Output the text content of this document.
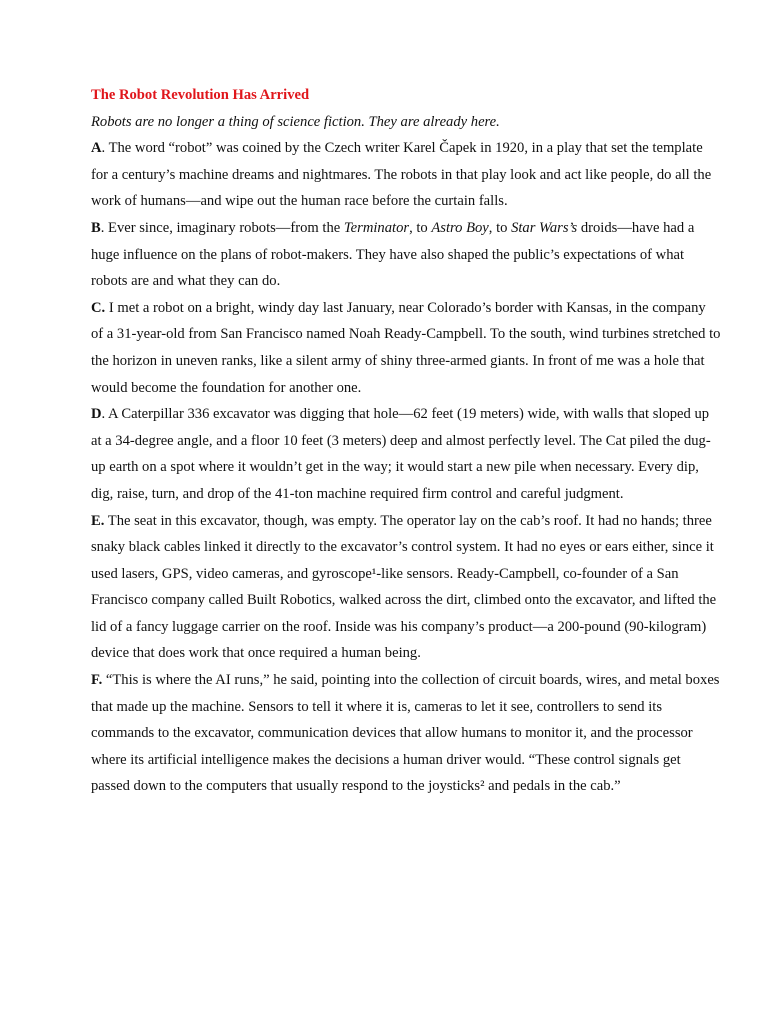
The Robot Revolution Has Arrived

Robots are no longer a thing of science fiction. They are already here.

A. The word “robot” was coined by the Czech writer Karel Čapek in 1920, in a play that set the template for a century’s machine dreams and nightmares. The robots in that play look and act like people, do all the work of humans—and wipe out the human race before the curtain falls.

B. Ever since, imaginary robots—from the Terminator, to Astro Boy, to Star Wars’s droids—have had a huge influence on the plans of robot-makers. They have also shaped the public’s expectations of what robots are and what they can do.

C. I met a robot on a bright, windy day last January, near Colorado’s border with Kansas, in the company of a 31-year-old from San Francisco named Noah Ready-Campbell. To the south, wind turbines stretched to the horizon in uneven ranks, like a silent army of shiny three-armed giants. In front of me was a hole that would become the foundation for another one.

D. A Caterpillar 336 excavator was digging that hole—62 feet (19 meters) wide, with walls that sloped up at a 34-degree angle, and a floor 10 feet (3 meters) deep and almost perfectly level. The Cat piled the dug-up earth on a spot where it wouldn’t get in the way; it would start a new pile when necessary. Every dip, dig, raise, turn, and drop of the 41-ton machine required firm control and careful judgment.

E. The seat in this excavator, though, was empty. The operator lay on the cab’s roof. It had no hands; three snaky black cables linked it directly to the excavator’s control system. It had no eyes or ears either, since it used lasers, GPS, video cameras, and gyroscope¹-like sensors. Ready-Campbell, co-founder of a San Francisco company called Built Robotics, walked across the dirt, climbed onto the excavator, and lifted the lid of a fancy luggage carrier on the roof. Inside was his company’s product—a 200-pound (90-kilogram) device that does work that once required a human being.

F. “This is where the AI runs,” he said, pointing into the collection of circuit boards, wires, and metal boxes that made up the machine. Sensors to tell it where it is, cameras to let it see, controllers to send its commands to the excavator, communication devices that allow humans to monitor it, and the processor where its artificial intelligence makes the decisions a human driver would. “These control signals get passed down to the computers that usually respond to the joysticks² and pedals in the cab.”
